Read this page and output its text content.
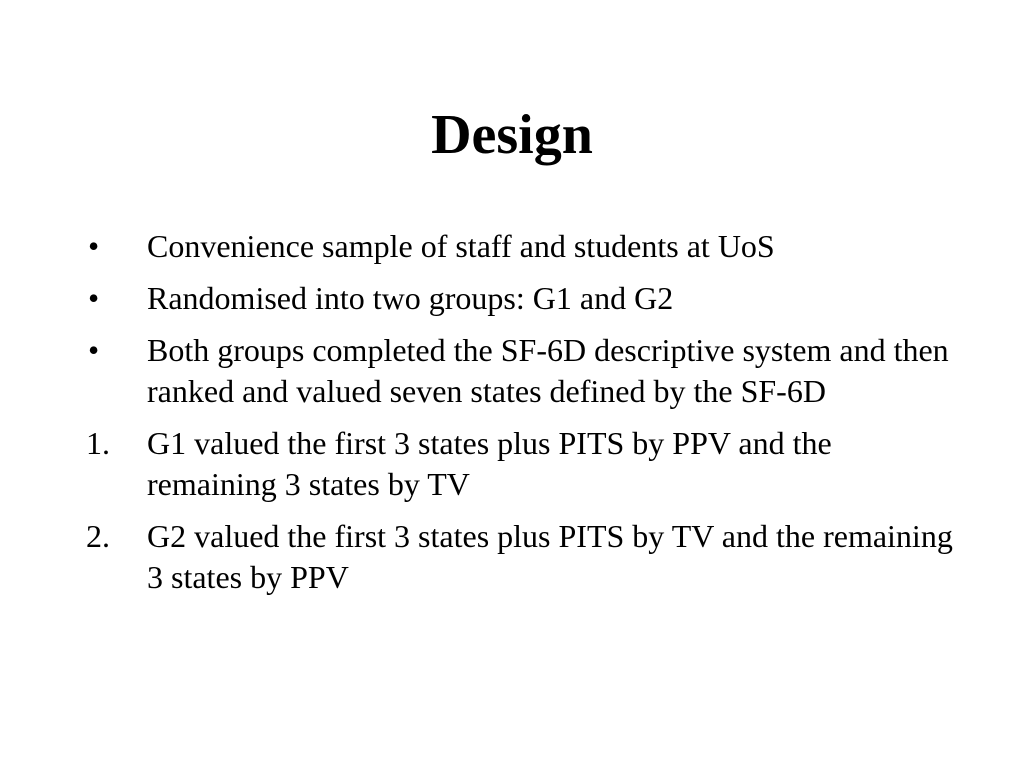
Design
•	Convenience sample of staff and students at UoS
•	Randomised into two groups: G1 and G2
•	Both groups completed the SF-6D descriptive system and then ranked and valued seven states defined by the SF-6D
1.	G1 valued the first 3 states plus PITS by PPV and the remaining 3 states by TV
2.	G2 valued the first 3 states plus PITS by TV and the remaining 3 states by PPV
